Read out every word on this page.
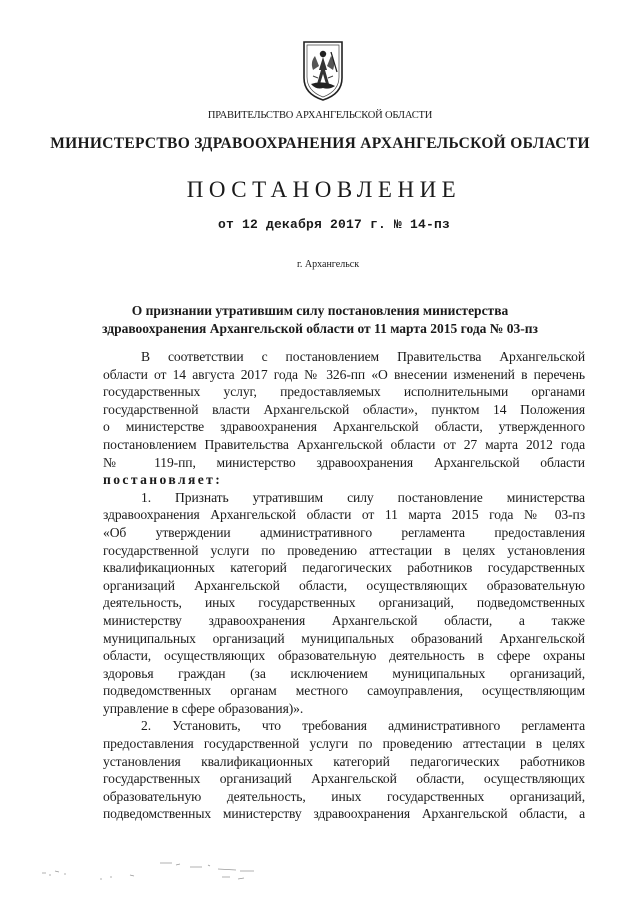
ПРАВИТЕЛЬСТВО АРХАНГЕЛЬСКОЙ ОБЛАСТИ
МИНИСТЕРСТВО ЗДРАВООХРАНЕНИЯ АРХАНГЕЛЬСКОЙ ОБЛАСТИ
ПОСТАНОВЛЕНИЕ
от 12 декабря 2017 г. № 14-пз
г. Архангельск
О признании утратившим силу постановления министерства
здравоохранения Архангельской области от 11 марта 2015 года № 03-пз
В соответствии с постановлением Правительства Архангельской
области от 14 августа 2017 года № 326-пп «О внесении изменений в перечень
государственных услуг, предоставляемых исполнительными органами
государственной власти Архангельской области», пунктом 14 Положения
о министерстве здравоохранения Архангельской области, утвержденного
постановлением Правительства Архангельской области от 27 марта 2012 года
№ 119-пп, министерство здравоохранения Архангельской области
постановляет:
1. Признать утратившим силу постановление министерства
здравоохранения Архангельской области от 11 марта 2015 года № 03-пз
«Об утверждении административного регламента предоставления
государственной услуги по проведению аттестации в целях установления
квалификационных категорий педагогических работников государственных
организаций Архангельской области, осуществляющих образовательную
деятельность, иных государственных организаций, подведомственных
министерству здравоохранения Архангельской области, а также
муниципальных организаций муниципальных образований Архангельской
области, осуществляющих образовательную деятельность в сфере охраны
здоровья граждан (за исключением муниципальных организаций,
подведомственных органам местного самоуправления, осуществляющим
управление в сфере образования)».
2. Установить, что требования административного регламента
предоставления государственной услуги по проведению аттестации в целях
установления квалификационных категорий педагогических работников
государственных организаций Архангельской области, осуществляющих
образовательную деятельность, иных государственных организаций,
подведомственных министерству здравоохранения Архангельской области, а
